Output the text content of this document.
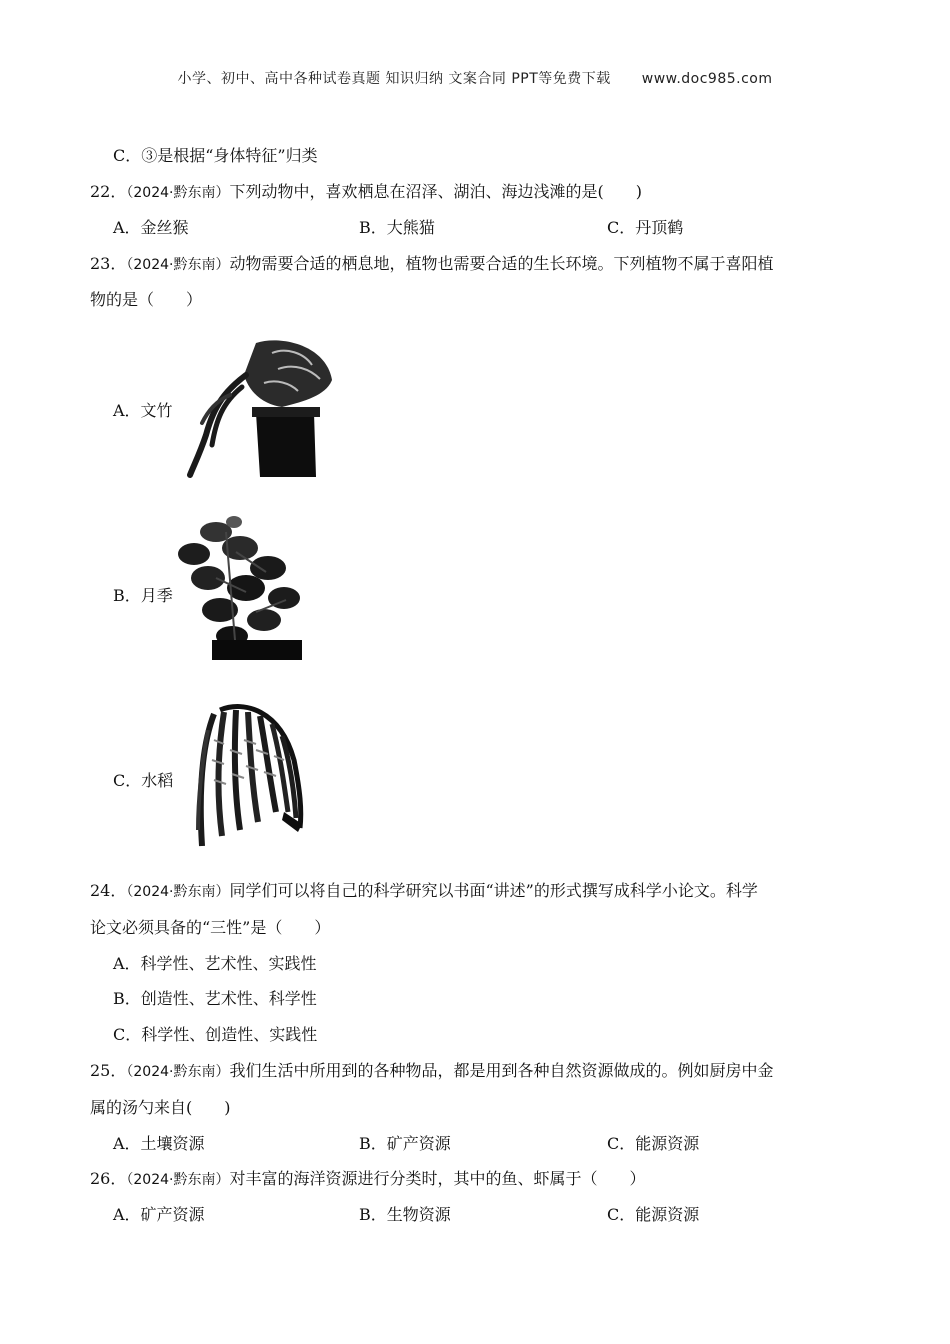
小学、初中、高中各种试卷真题 知识归纳 文案合同 PPT等免费下载 www.doc985.com
C．③是根据“身体特征”归类
22．（2024·黔东南）下列动物中，喜欢栖息在沼泽、湖泊、海边浅滩的是(　　)
A．金丝猴	B．大熊猫	C．丹顶鹤
23．（2024·黔东南）动物需要合适的栖息地，植物也需要合适的生长环境。下列植物不属于喜阳植
物的是（　　）
A．文竹
B．月季
C．水稻
24．（2024·黔东南）同学们可以将自己的科学研究以书面“讲述”的形式撰写成科学小论文。科学
论文必须具备的“三性”是（　　）
A．科学性、艺术性、实践性
B．创造性、艺术性、科学性
C．科学性、创造性、实践性
25．（2024·黔东南）我们生活中所用到的各种物品，都是用到各种自然资源做成的。例如厨房中金
属的汤勺来自(　　)
A．土壤资源	B．矿产资源	C．能源资源
26．（2024·黔东南）对丰富的海洋资源进行分类时，其中的鱼、虾属于（　　）
A．矿产资源	B．生物资源	C．能源资源
